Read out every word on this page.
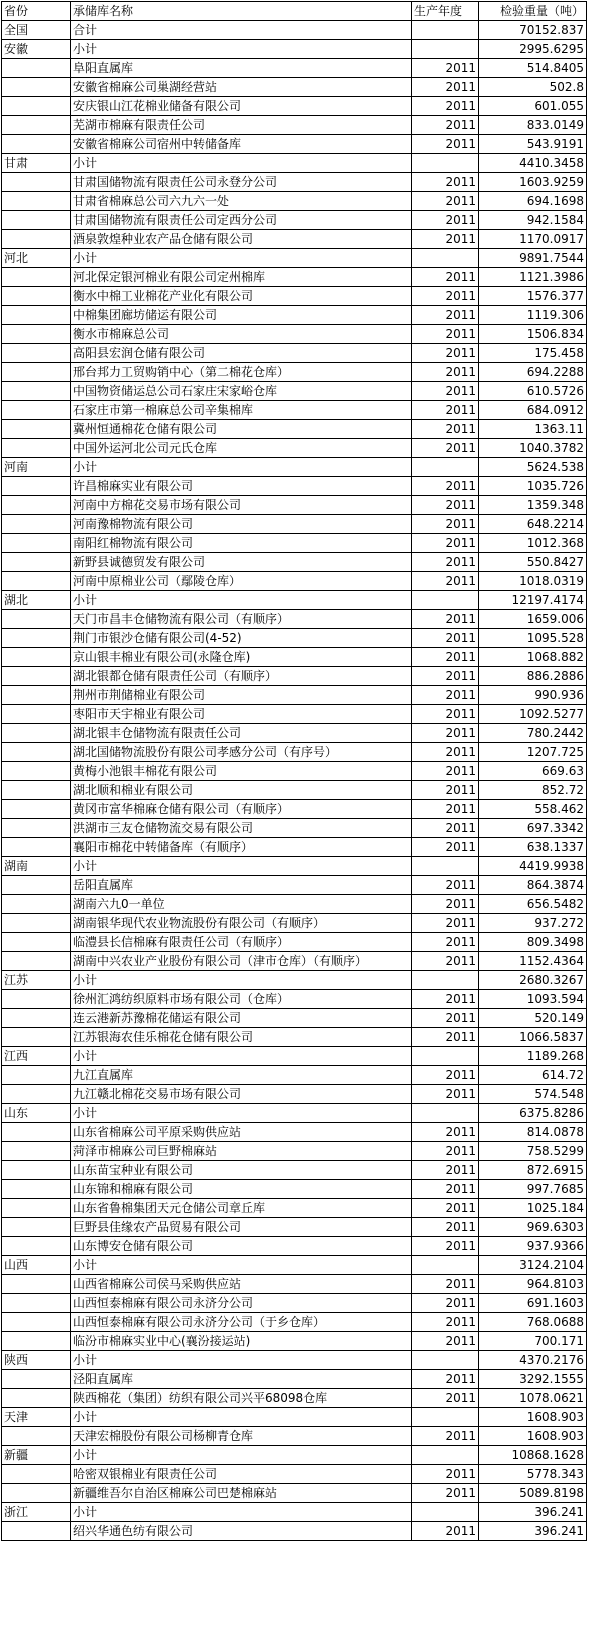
省份	承储库名称	生产年度	检验重量（吨）
全国	合计		70152.837
安徽	小计		2995.6295
	阜阳直属库	2011	514.8405
	安徽省棉麻公司巢湖经营站	2011	502.8
	安庆银山江花棉业储备有限公司	2011	601.055
	芜湖市棉麻有限责任公司	2011	833.0149
	安徽省棉麻公司宿州中转储备库	2011	543.9191
甘肃	小计		4410.3458
	甘肃国储物流有限责任公司永登分公司	2011	1603.9259
	甘肃省棉麻总公司六九六一处	2011	694.1698
	甘肃国储物流有限责任公司定西分公司	2011	942.1584
	酒泉敦煌种业农产品仓储有限公司	2011	1170.0917
河北	小计		9891.7544
	河北保定银河棉业有限公司定州棉库	2011	1121.3986
	衡水中棉工业棉花产业化有限公司	2011	1576.377
	中棉集团廊坊储运有限公司	2011	1119.306
	衡水市棉麻总公司	2011	1506.834
	高阳县宏润仓储有限公司	2011	175.458
	邢台邦力工贸购销中心（第二棉花仓库）	2011	694.2288
	中国物资储运总公司石家庄宋家峪仓库	2011	610.5726
	石家庄市第一棉麻总公司辛集棉库	2011	684.0912
	冀州恒通棉花仓储有限公司	2011	1363.11
	中国外运河北公司元氏仓库	2011	1040.3782
河南	小计		5624.538
	许昌棉麻实业有限公司	2011	1035.726
	河南中方棉花交易市场有限公司	2011	1359.348
	河南豫棉物流有限公司	2011	648.2214
	南阳红棉物流有限公司	2011	1012.368
	新野县诚德贸发有限公司	2011	550.8427
	河南中原棉业公司（鄢陵仓库）	2011	1018.0319
湖北	小计		12197.4174
	天门市昌丰仓储物流有限公司（有顺序）	2011	1659.006
	荆门市银沙仓储有限公司(4-52)	2011	1095.528
	京山银丰棉业有限公司(永隆仓库)	2011	1068.882
	湖北银都仓储有限责任公司（有顺序）	2011	886.2886
	荆州市荆储棉业有限公司	2011	990.936
	枣阳市天宇棉业有限公司	2011	1092.5277
	湖北银丰仓储物流有限责任公司	2011	780.2442
	湖北国储物流股份有限公司孝感分公司（有序号）	2011	1207.725
	黄梅小池银丰棉花有限公司	2011	669.63
	湖北顺和棉业有限公司	2011	852.72
	黄冈市富华棉麻仓储有限公司（有顺序）	2011	558.462
	洪湖市三友仓储物流交易有限公司	2011	697.3342
	襄阳市棉花中转储备库（有顺序）	2011	638.1337
湖南	小计		4419.9938
	岳阳直属库	2011	864.3874
	湖南六九0一单位	2011	656.5482
	湖南银华现代农业物流股份有限公司（有顺序）	2011	937.272
	临澧县长信棉麻有限责任公司（有顺序）	2011	809.3498
	湖南中兴农业产业股份有限公司（津市仓库）（有顺序）	2011	1152.4364
江苏	小计		2680.3267
	徐州汇鸿纺织原料市场有限公司（仓库）	2011	1093.594
	连云港新苏豫棉花储运有限公司	2011	520.149
	江苏银海农佳乐棉花仓储有限公司	2011	1066.5837
江西	小计		1189.268
	九江直属库	2011	614.72
	九江赣北棉花交易市场有限公司	2011	574.548
山东	小计		6375.8286
	山东省棉麻公司平原采购供应站	2011	814.0878
	菏泽市棉麻公司巨野棉麻站	2011	758.5299
	山东苗宝种业有限公司	2011	872.6915
	山东锦和棉麻有限公司	2011	997.7685
	山东省鲁棉集团天元仓储公司章丘库	2011	1025.184
	巨野县佳缘农产品贸易有限公司	2011	969.6303
	山东博安仓储有限公司	2011	937.9366
山西	小计		3124.2104
	山西省棉麻公司侯马采购供应站	2011	964.8103
	山西恒泰棉麻有限公司永济分公司	2011	691.1603
	山西恒泰棉麻有限公司永济分公司（于乡仓库）	2011	768.0688
	临汾市棉麻实业中心(襄汾接运站)	2011	700.171
陕西	小计		4370.2176
	泾阳直属库	2011	3292.1555
	陕西棉花（集团）纺织有限公司兴平68098仓库	2011	1078.0621
天津	小计		1608.903
	天津宏棉股份有限公司杨柳青仓库	2011	1608.903
新疆	小计		10868.1628
	哈密双银棉业有限责任公司	2011	5778.343
	新疆维吾尔自治区棉麻公司巴楚棉麻站	2011	5089.8198
浙江	小计		396.241
	绍兴华通色纺有限公司	2011	396.241
